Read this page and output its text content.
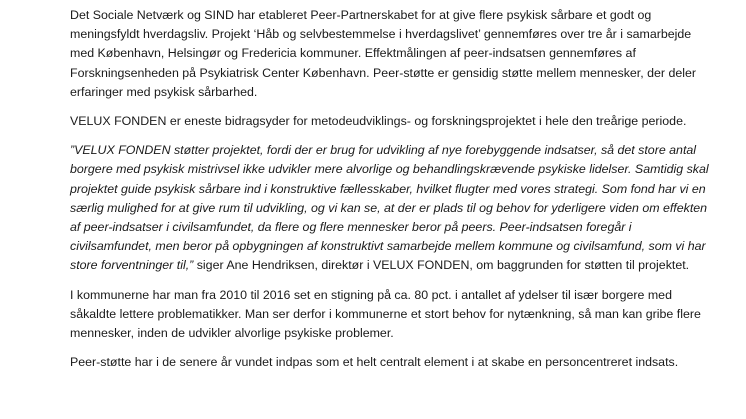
Det Sociale Netværk og SIND har etableret Peer-Partnerskabet for at give flere psykisk sårbare et godt og meningsfyldt hverdagsliv. Projekt ‘Håb og selvbestemmelse i hverdagslivet’ gennemføres over tre år i samarbejde med København, Helsingør og Fredericia kommuner. Effektmålingen af peer-indsatsen gennemføres af Forskningsenheden på Psykiatrisk Center København. Peer-støtte er gensidig støtte mellem mennesker, der deler erfaringer med psykisk sårbarhed.

VELUX FONDEN er eneste bidragsyder for metodeudviklings- og forskningsprojektet i hele den treårige periode.

”VELUX FONDEN støtter projektet, fordi der er brug for udvikling af nye forebyggende indsatser, så det store antal borgere med psykisk mistrivsel ikke udvikler mere alvorlige og behandlingskrævende psykiske lidelser. Samtidig skal projektet guide psykisk sårbare ind i konstruktive fællesskaber, hvilket flugter med vores strategi. Som fond har vi en særlig mulighed for at give rum til udvikling, og vi kan se, at der er plads til og behov for yderligere viden om effekten af peer-indsatser i civilsamfundet, da flere og flere mennesker beror på peers. Peer-indsatsen foregår i civilsamfundet, men beror på opbygningen af konstruktivt samarbejde mellem kommune og civilsamfund, som vi har store forventninger til,” siger Ane Hendriksen, direktør i VELUX FONDEN, om baggrunden for støtten til projektet.

I kommunerne har man fra 2010 til 2016 set en stigning på ca. 80 pct. i antallet af ydelser til især borgere med såkaldte lettere problematikker. Man ser derfor i kommunerne et stort behov for nytænkning, så man kan gribe flere mennesker, inden de udvikler alvorlige psykiske problemer.

Peer-støtte har i de senere år vundet indpas som et helt centralt element i at skabe en personcentreret indsats.
